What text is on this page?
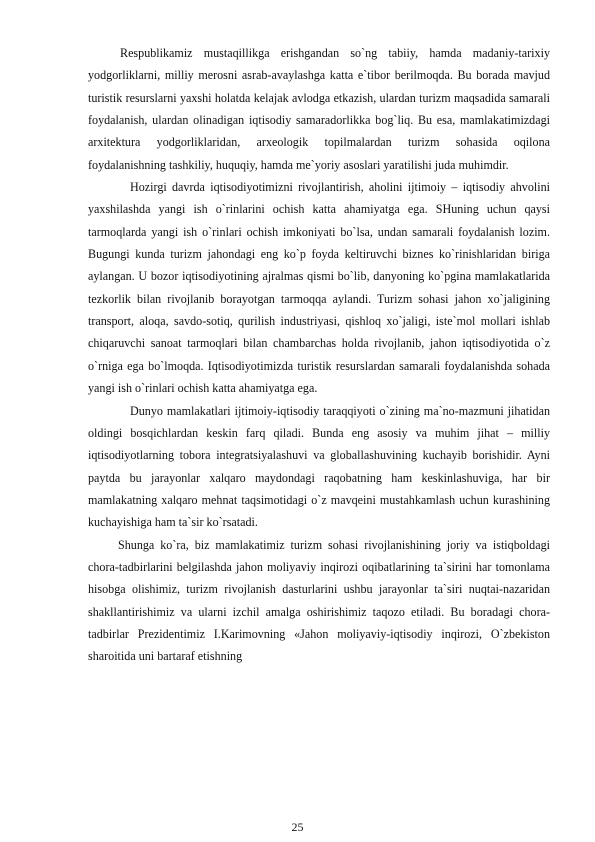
Respublikamiz mustaqillikga erishgandan so`ng tabiiy, hamda madaniy-tarixiy yodgorliklarni, milliy merosni asrab-avaylashga katta e`tibor berilmoqda. Bu borada mavjud turistik resurslarni yaxshi holatda kelajak avlodga etkazish, ulardan turizm maqsadida samarali foydalanish, ulardan olinadigan iqtisodiy samaradorlikka bog`liq. Bu esa, mamlakatimizdagi arxitektura yodgorliklaridan, arxeologik topilmalardan turizm sohasida oqilona foydalanishning tashkiliy, huquqiy, hamda me`yoriy asoslari yaratilishi juda muhimdir.

Hozirgi davrda iqtisodiyotimizni rivojlantirish, aholini ijtimoiy – iqtisodiy ahvolini yaxshilashda yangi ish o`rinlarini ochish katta ahamiyatga ega. SHuning uchun qaysi tarmoqlarda yangi ish o`rinlari ochish imkoniyati bo`lsa, undan samarali foydalanish lozim. Bugungi kunda turizm jahondagi eng ko`p foyda keltiruvchi biznes ko`rinishlaridan biriga aylangan. U bozor iqtisodiyotining ajralmas qismi bo`lib, danyoning ko`pgina mamlakatlarida tezkorlik bilan rivojlanib borayotgan tarmoqqa aylandi. Turizm sohasi jahon xo`jaligining transport, aloqa, savdo-sotiq, qurilish industriyasi, qishloq xo`jaligi, iste`mol mollari ishlab chiqaruvchi sanoat tarmoqlari bilan chambarchas holda rivojlanib, jahon iqtisodiyotida o`z o`rniga ega bo`lmoqda. Iqtisodiyotimizda turistik resurslardan samarali foydalanishda sohada yangi ish o`rinlari ochish katta ahamiyatga ega.

Dunyo mamlakatlari ijtimoiy-iqtisodiy taraqqiyoti o`zining ma`no-mazmuni jihatidan oldingi bosqichlardan keskin farq qiladi. Bunda eng asosiy va muhim jihat – milliy iqtisodiyotlarning tobora integratsiyalashuvi va globallashuvining kuchayib borishidir. Ayni paytda bu jarayonlar xalqaro maydondagi raqobatning ham keskinlashuviga, har bir mamlakatning xalqaro mehnat taqsimotidagi o`z mavqeini mustahkamlash uchun kurashining kuchayishiga ham ta`sir ko`rsatadi.

Shunga ko`ra, biz mamlakatimiz turizm sohasi rivojlanishining joriy va istiqboldagi chora-tadbirlarini belgilashda jahon moliyaviy inqirozi oqibatlarining ta`sirini har tomonlama hisobga olishimiz, turizm rivojlanish dasturlarini ushbu jarayonlar ta`siri nuqtai-nazaridan shakllantirishimiz va ularni izchil amalga oshirishimiz taqozo etiladi. Bu boradagi chora-tadbirlar Prezidentimiz I.Karimovning «Jahon moliyaviy-iqtisodiy inqirozi, O`zbekiston sharoitida uni bartaraf etishning

25
